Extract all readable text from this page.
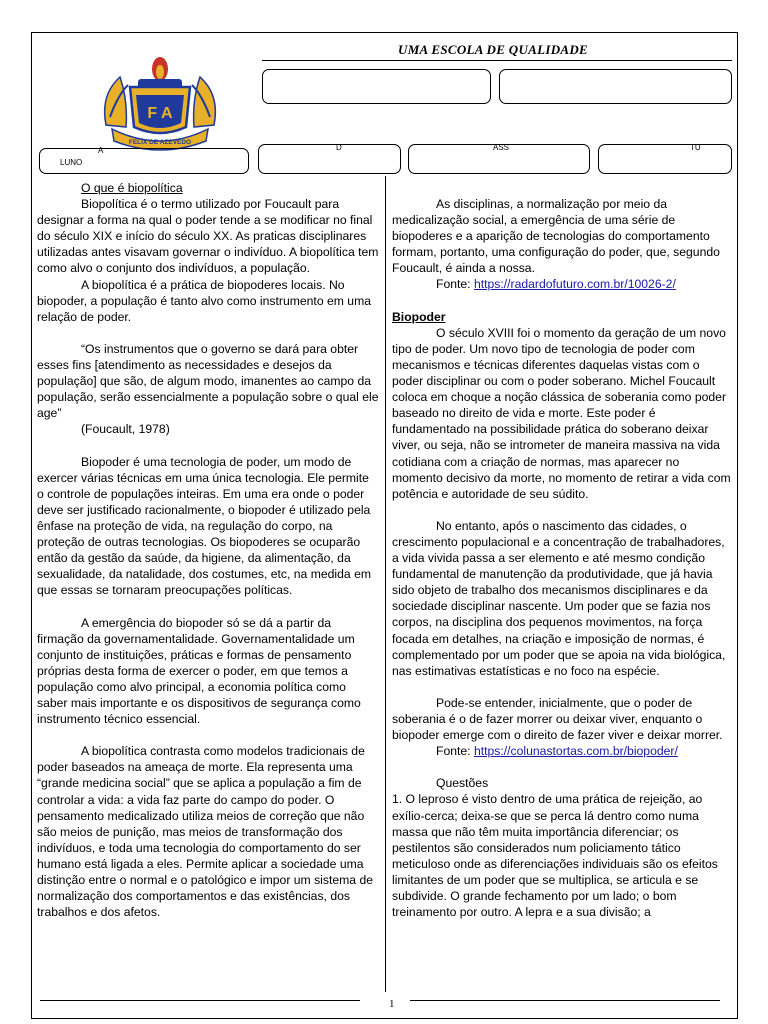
F A
FELIX DE AZEVEDO
UMA ESCOLA DE QUALIDADE
A
LUNO
D	ASS	TU

O que é biopolítica

Biopolítica é o termo utilizado por Foucault para designar a forma na qual o poder tende a se modificar no final do século XIX e início do século XX. As praticas disciplinares utilizadas antes visavam governar o indivíduo. A biopolítica tem como alvo o conjunto dos indivíduos, a população.

A biopolítica é a prática de biopoderes locais. No biopoder, a população é tanto alvo como instrumento em uma relação de poder.

“Os instrumentos que o governo se dará para obter esses fins [atendimento as necessidades e desejos da população] que são, de algum modo, imanentes ao campo da população, serão essencialmente a população sobre o qual ele age”

(Foucault, 1978)

Biopoder é uma tecnologia de poder, um modo de exercer várias técnicas em uma única tecnologia. Ele permite o controle de populações inteiras. Em uma era onde o poder deve ser justificado racionalmente, o biopoder é utilizado pela ênfase na proteção de vida, na regulação do corpo, na proteção de outras tecnologias. Os biopoderes se ocuparão então da gestão da saúde, da higiene, da alimentação, da sexualidade, da natalidade, dos costumes, etc, na medida em que essas se tornaram preocupações políticas.

A emergência do biopoder só se dá a partir da firmação da governamentalidade. Governamentalidade um conjunto de instituições, práticas e formas de pensamento próprias desta forma de exercer o poder, em que temos a população como alvo principal, a economia política como saber mais importante e os dispositivos de segurança como instrumento técnico essencial.

A biopolítica contrasta como modelos tradicionais de poder baseados na ameaça de morte. Ela representa uma “grande medicina social” que se aplica a população a fim de controlar a vida: a vida faz parte do campo do poder. O pensamento medicalizado utiliza meios de correção que não são meios de punição, mas meios de transformação dos indivíduos, e toda uma tecnologia do comportamento do ser humano está ligada a eles. Permite aplicar a sociedade uma distinção entre o normal e o patológico e impor um sistema de normalização dos comportamentos e das existências, dos trabalhos e dos afetos.

As disciplinas, a normalização por meio da medicalização social, a emergência de uma série de biopoderes e a aparição de tecnologias do comportamento formam, portanto, uma configuração do poder, que, segundo Foucault, é ainda a nossa.

Fonte: https://radardofuturo.com.br/10026-2/

Biopoder

O século XVIII foi o momento da geração de um novo tipo de poder. Um novo tipo de tecnologia de poder com mecanismos e técnicas diferentes daquelas vistas com o poder disciplinar ou com o poder soberano. Michel Foucault coloca em choque a noção clássica de soberania como poder baseado no direito de vida e morte. Este poder é fundamentado na possibilidade prática do soberano deixar viver, ou seja, não se intrometer de maneira massiva na vida cotidiana com a criação de normas, mas aparecer no momento decisivo da morte, no momento de retirar a vida com potência e autoridade de seu súdito.

No entanto, após o nascimento das cidades, o crescimento populacional e a concentração de trabalhadores, a vida vivida passa a ser elemento e até mesmo condição fundamental de manutenção da produtividade, que já havia sido objeto de trabalho dos mecanismos disciplinares e da sociedade disciplinar nascente. Um poder que se fazia nos corpos, na disciplina dos pequenos movimentos, na força focada em detalhes, na criação e imposição de normas, é complementado por um poder que se apoia na vida biológica, nas estimativas estatísticas e no foco na espécie.

Pode-se entender, inicialmente, que o poder de soberania é o de fazer morrer ou deixar viver, enquanto o biopoder emerge com o direito de fazer viver e deixar morrer.

Fonte: https://colunastortas.com.br/biopoder/

Questões

1. O leproso é visto dentro de uma prática de rejeição, ao exílio-cerca; deixa-se que se perca lá dentro como numa massa que não têm muita importância diferenciar; os pestilentos são considerados num policiamento tático meticuloso onde as diferenciações individuais são os efeitos limitantes de um poder que se multiplica, se articula e se subdivide. O grande fechamento por um lado; o bom treinamento por outro. A lepra e a sua divisão; a

1
